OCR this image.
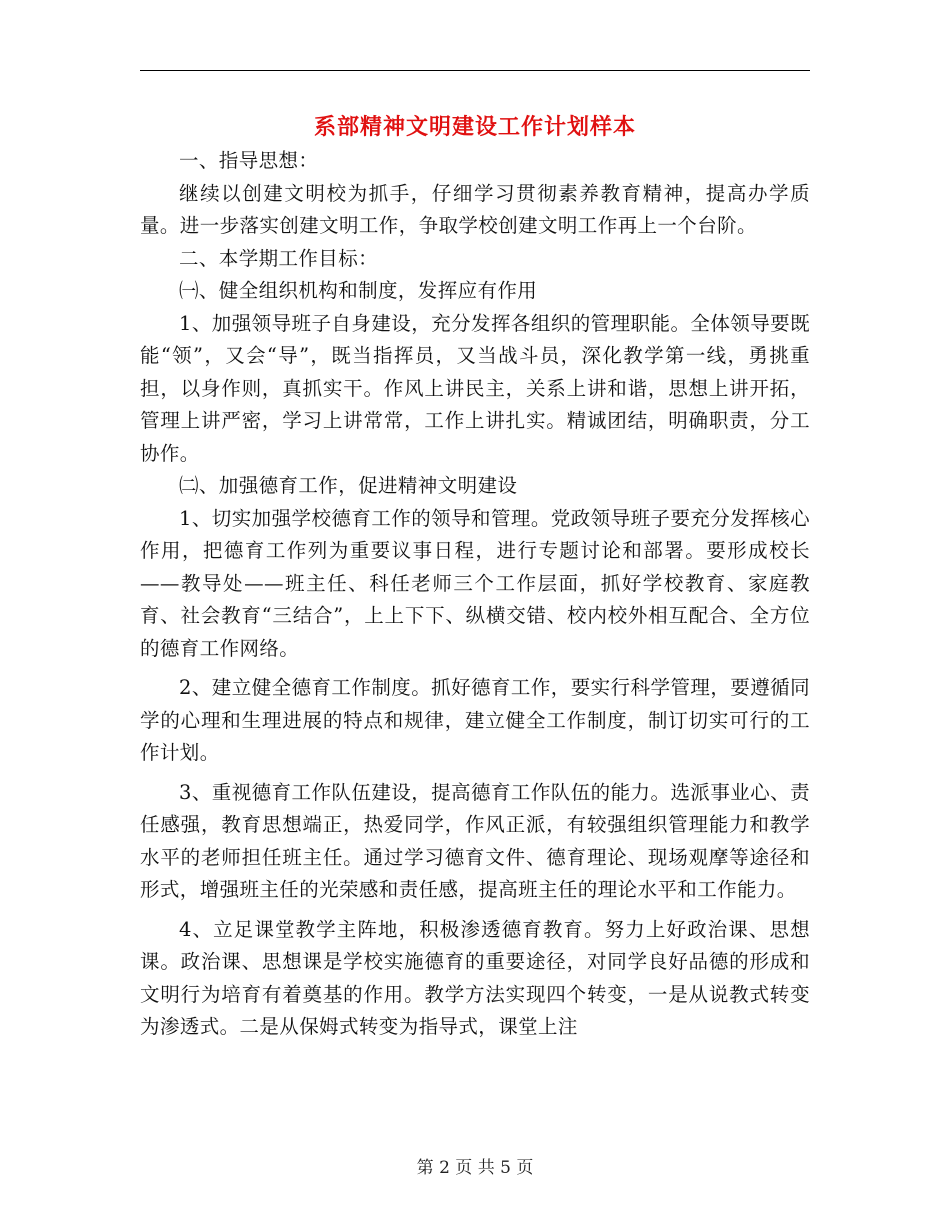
系部精神文明建设工作计划样本

一、指导思想：

继续以创建文明校为抓手，仔细学习贯彻素养教育精神，提高办学质量。进一步落实创建文明工作，争取学校创建文明工作再上一个台阶。

二、本学期工作目标：

㈠、健全组织机构和制度，发挥应有作用

1、加强领导班子自身建设，充分发挥各组织的管理职能。全体领导要既能“领”，又会“导”，既当指挥员，又当战斗员，深化教学第一线，勇挑重担，以身作则，真抓实干。作风上讲民主，关系上讲和谐，思想上讲开拓，管理上讲严密，学习上讲常常，工作上讲扎实。精诚团结，明确职责，分工协作。

㈡、加强德育工作，促进精神文明建设

1、切实加强学校德育工作的领导和管理。党政领导班子要充分发挥核心作用，把德育工作列为重要议事日程，进行专题讨论和部署。要形成校长——教导处——班主任、科任老师三个工作层面，抓好学校教育、家庭教育、社会教育“三结合”，上上下下、纵横交错、校内校外相互配合、全方位的德育工作网络。

2、建立健全德育工作制度。抓好德育工作，要实行科学管理，要遵循同学的心理和生理进展的特点和规律，建立健全工作制度，制订切实可行的工作计划。

3、重视德育工作队伍建设，提高德育工作队伍的能力。选派事业心、责任感强，教育思想端正，热爱同学，作风正派，有较强组织管理能力和教学水平的老师担任班主任。通过学习德育文件、德育理论、现场观摩等途径和形式，增强班主任的光荣感和责任感，提高班主任的理论水平和工作能力。

4、立足课堂教学主阵地，积极渗透德育教育。努力上好政治课、思想课。政治课、思想课是学校实施德育的重要途径，对同学良好品德的形成和文明行为培育有着奠基的作用。教学方法实现四个转变，一是从说教式转变为渗透式。二是从保姆式转变为指导式，课堂上注

第 2 页 共 5 页
